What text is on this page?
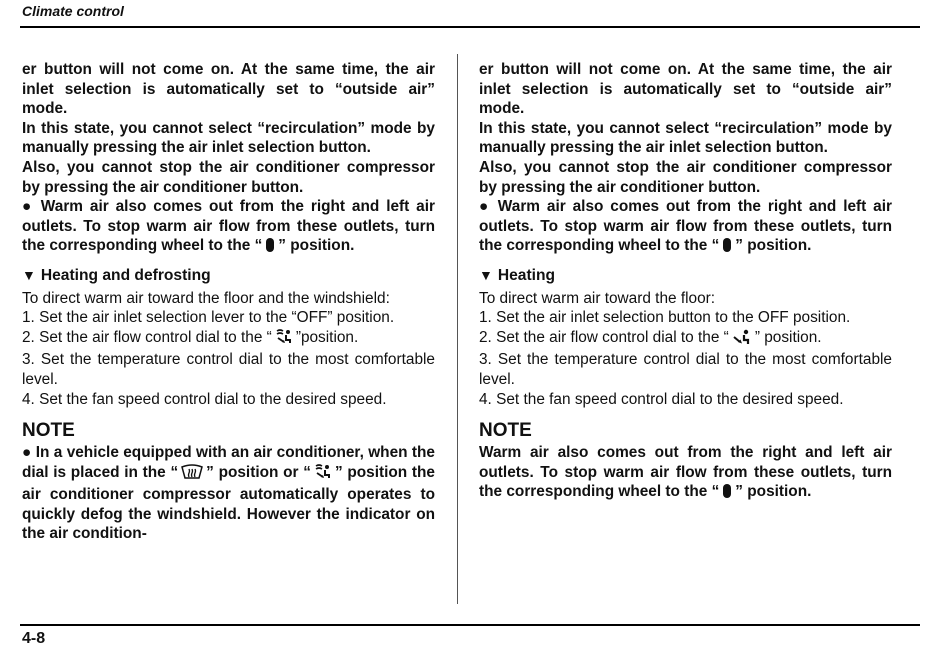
Climate control

er button will not come on. At the same time, the air inlet selection is automatically set to “outside air” mode.

In this state, you cannot select “recirculation” mode by manually pressing the air inlet selection button.

Also, you cannot stop the air conditioner compressor by pressing the air conditioner button.

● Warm air also comes out from the right and left air outlets. To stop warm air flow from these outlets, turn the corresponding wheel to the “ ” position.

▼ Heating and defrosting

To direct warm air toward the floor and the windshield:

1. Set the air inlet selection lever to the “OFF” position.

2. Set the air flow control dial to the “ ”position.

3. Set the temperature control dial to the most comfortable level.

4. Set the fan speed control dial to the desired speed.

NOTE

● In a vehicle equipped with an air conditioner, when the dial is placed in the “ ” position or “ ” position the air conditioner compressor automatically operates to quickly defog the windshield. However the indicator on the air condition-

er button will not come on. At the same time, the air inlet selection is automatically set to “outside air” mode.

In this state, you cannot select “recirculation” mode by manually pressing the air inlet selection button.

Also, you cannot stop the air conditioner compressor by pressing the air conditioner button.

● Warm air also comes out from the right and left air outlets. To stop warm air flow from these outlets, turn the corresponding wheel to the “ ” position.

▼ Heating

To direct warm air toward the floor:

1. Set the air inlet selection button to the OFF position.

2. Set the air flow control dial to the “ ” position.

3. Set the temperature control dial to the most comfortable level.

4. Set the fan speed control dial to the desired speed.

NOTE

Warm air also comes out from the right and left air outlets. To stop warm air flow from these outlets, turn the corresponding wheel to the “ ” position.

4-8
